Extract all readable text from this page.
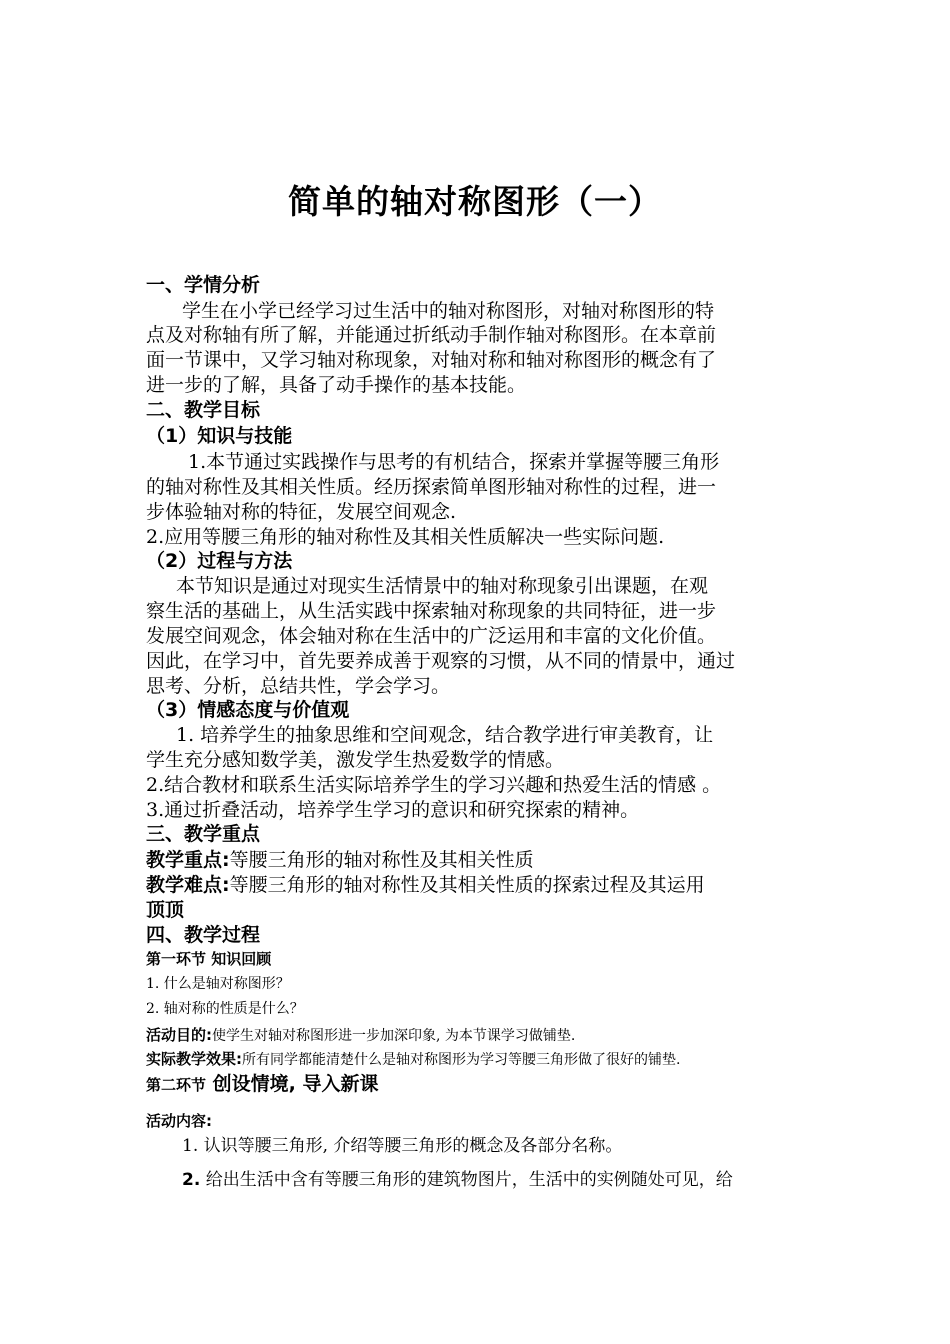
简单的轴对称图形（一）
一、学情分析
学生在小学已经学习过生活中的轴对称图形，对轴对称图形的特
点及对称轴有所了解，并能通过折纸动手制作轴对称图形。在本章前
面一节课中，又学习轴对称现象，对轴对称和轴对称图形的概念有了
进一步的了解，具备了动手操作的基本技能。
二、教学目标
（1）知识与技能
1.本节通过实践操作与思考的有机结合，探索并掌握等腰三角形
的轴对称性及其相关性质。经历探索简单图形轴对称性的过程，进一
步体验轴对称的特征，发展空间观念.
2.应用等腰三角形的轴对称性及其相关性质解决一些实际问题.
（2）过程与方法
本节知识是通过对现实生活情景中的轴对称现象引出课题，在观
察生活的基础上，从生活实践中探索轴对称现象的共同特征，进一步
发展空间观念，体会轴对称在生活中的广泛运用和丰富的文化价值。
因此，在学习中，首先要养成善于观察的习惯，从不同的情景中，通过
思考、分析，总结共性，学会学习。
（3）情感态度与价值观
1. 培养学生的抽象思维和空间观念，结合教学进行审美教育，让
学生充分感知数学美，激发学生热爱数学的情感。
2.结合教材和联系生活实际培养学生的学习兴趣和热爱生活的情感 。
3.通过折叠活动，培养学生学习的意识和研究探索的精神。
三、教学重点
教学重点:等腰三角形的轴对称性及其相关性质
教学难点:等腰三角形的轴对称性及其相关性质的探索过程及其运用
顶顶
四、教学过程
第一环节 知识回顾
1. 什么是轴对称图形？
2. 轴对称的性质是什么？
活动目的:使学生对轴对称图形进一步加深印象, 为本节课学习做铺垫.
实际教学效果:所有同学都能清楚什么是轴对称图形为学习等腰三角形做了很好的铺垫.
第二环节 创设情境, 导入新课
活动内容:
1. 认识等腰三角形, 介绍等腰三角形的概念及各部分名称。
2. 给出生活中含有等腰三角形的建筑物图片，生活中的实例随处可见，给
